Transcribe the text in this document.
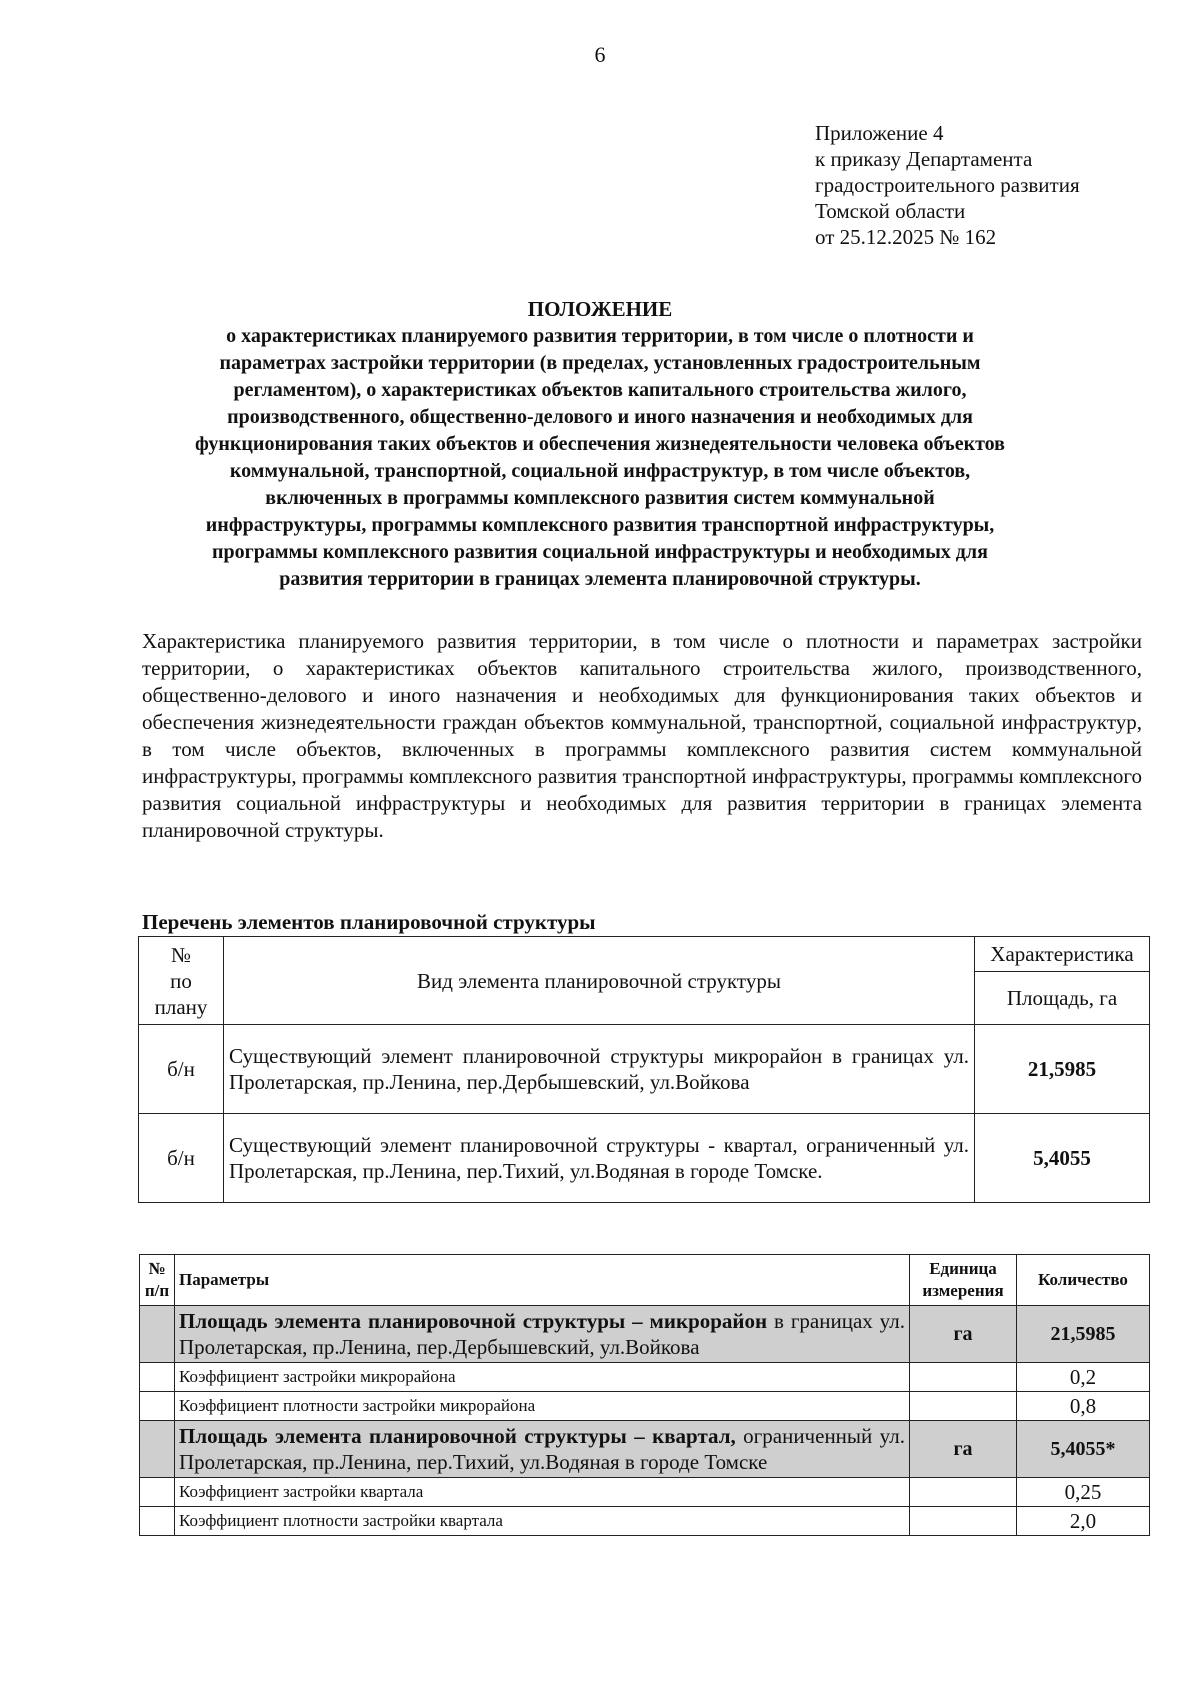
6
Приложение 4
к приказу Департамента
градостроительного развития
Томской области
от 25.12.2025 № 162
ПОЛОЖЕНИЕ
о характеристиках планируемого развития территории, в том числе о плотности и
параметрах застройки территории (в пределах, установленных градостроительным
регламентом), о характеристиках объектов капитального строительства жилого,
производственного, общественно-делового и иного назначения и необходимых для
функционирования таких объектов и обеспечения жизнедеятельности человека объектов
коммунальной, транспортной, социальной инфраструктур, в том числе объектов,
включенных в программы комплексного развития систем коммунальной
инфраструктуры, программы комплексного развития транспортной инфраструктуры,
программы комплексного развития социальной инфраструктуры и необходимых для
развития территории в границах элемента планировочной структуры.
Характеристика планируемого развития территории, в том числе о плотности и параметрах застройки территории, о характеристиках объектов капитального строительства жилого, производственного, общественно-делового и иного назначения и необходимых для функционирования таких объектов и обеспечения жизнедеятельности граждан объектов коммунальной, транспортной, социальной инфраструктур, в том числе объектов, включенных в программы комплексного развития систем коммунальной инфраструктуры, программы комплексного развития транспортной инфраструктуры, программы комплексного развития социальной инфраструктуры и необходимых для развития территории в границах элемента планировочной структуры.
Перечень элементов планировочной структуры
№
по
плану	Вид элемента планировочной структуры	Характеристика
		Площадь, га
б/н	Существующий элемент планировочной структуры микрорайон в границах ул. Пролетарская, пр.Ленина, пер.Дербышевский, ул.Войкова	21,5985
б/н	Существующий элемент планировочной структуры - квартал, ограниченный ул. Пролетарская, пр.Ленина, пер.Тихий, ул.Водяная в городе Томске.	5,4055
№ п/п	Параметры	Единица измерения	Количество
	Площадь элемента планировочной структуры – микрорайон в границах ул. Пролетарская, пр.Ленина, пер.Дербышевский, ул.Войкова	га	21,5985
	Коэффициент застройки микрорайона		0,2
	Коэффициент плотности застройки микрорайона		0,8
	Площадь элемента планировочной структуры – квартал, ограниченный ул. Пролетарская, пр.Ленина, пер.Тихий, ул.Водяная в городе Томске	га	5,4055*
	Коэффициент застройки квартала		0,25
	Коэффициент плотности застройки квартала		2,0
